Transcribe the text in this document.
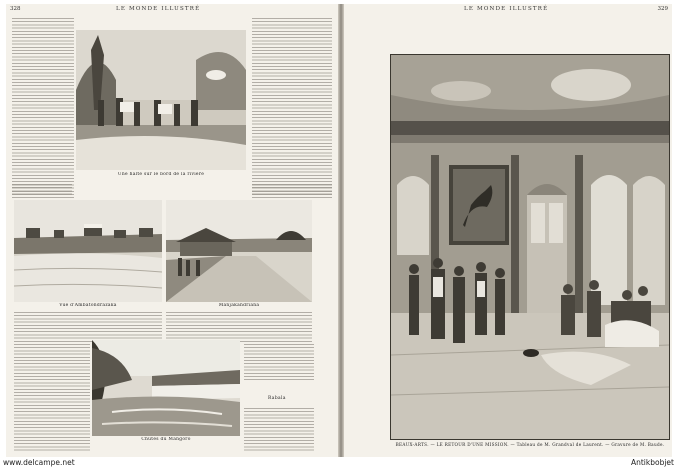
LE MONDE ILLUSTRÉ
328
Une halte sur le bord de la rivière
Vue d'Ambatondrazaka	Manjakandriana
Rabala
Chutes du Mangoro
LE MONDE ILLUSTRÉ	329
BEAUX-ARTS. — LE RETOUR D'UNE MISSION. — Tableau de M. Grandval de Laurent. — Gravure de M. Baude.
www.delcampe.net	Antikbobjet
